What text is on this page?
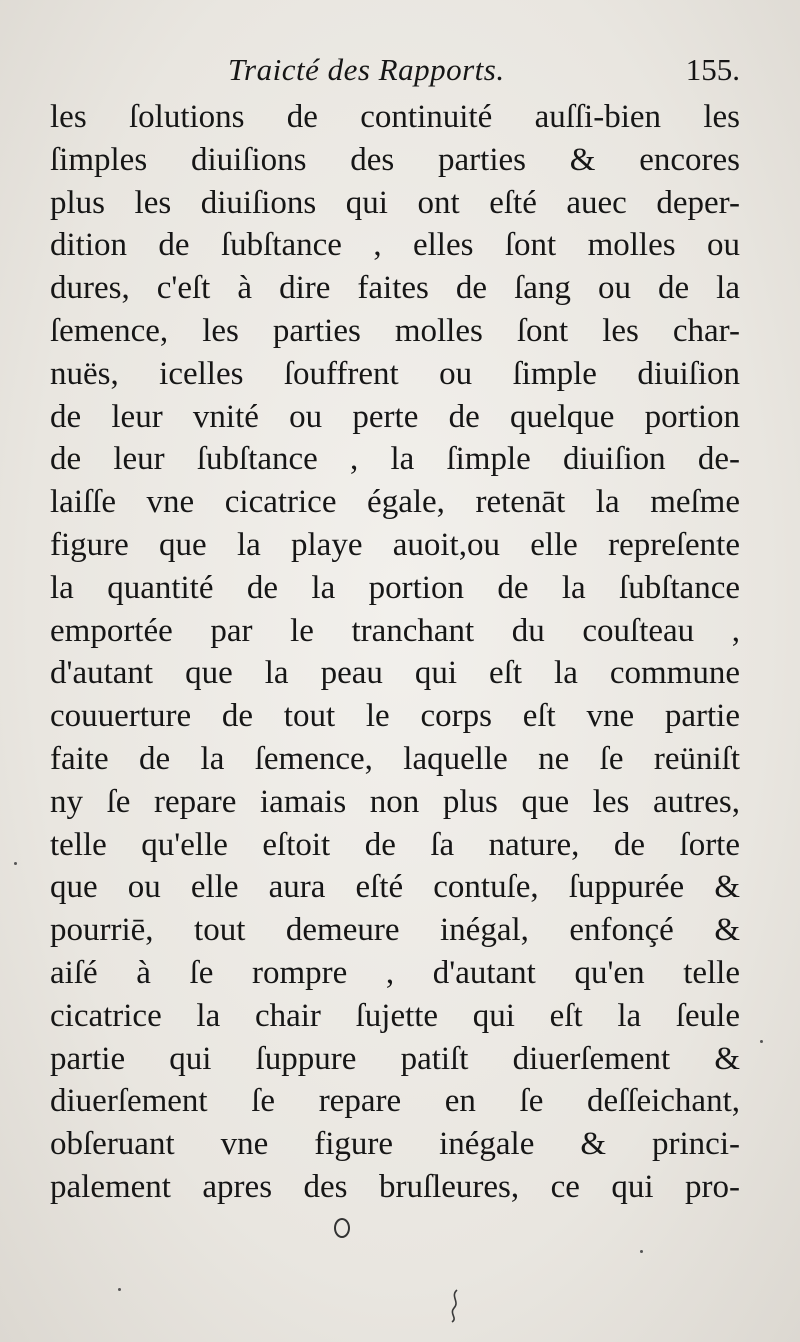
Traicté des Rapports.	155.
les ſolutions de continuité auſſi-bien les
ſimples diuiſions des parties & encores
plus les diuiſions qui ont eſté auec deper-
dition de ſubſtance , elles ſont molles ou
dures, c'eſt à dire faites de ſang ou de la
ſemence, les parties molles ſont les char-
nuës, icelles ſouffrent ou ſimple diuiſion
de leur vnité ou perte de quelque portion
de leur ſubſtance , la ſimple diuiſion de-
laiſſe vne cicatrice égale, retenāt la meſme
figure que la playe auoit,ou elle repreſente
la quantité de la portion de la ſubſtance
emportée par le tranchant du couſteau ,
d'autant que la peau qui eſt la commune
couuerture de tout le corps eſt vne partie
faite de la ſemence, laquelle ne ſe reüniſt
ny ſe repare iamais non plus que les autres,
telle qu'elle eſtoit de ſa nature, de ſorte
que ou elle aura eſté contuſe, ſuppurée &
pourriē, tout demeure inégal, enfonçé &
aiſé à ſe rompre , d'autant qu'en telle
cicatrice la chair ſujette qui eſt la ſeule
partie qui ſuppure patiſt diuerſement &
diuerſement ſe repare en ſe deſſeichant,
obſeruant vne figure inégale & princi-
palement apres des bruſleures, ce qui pro-
